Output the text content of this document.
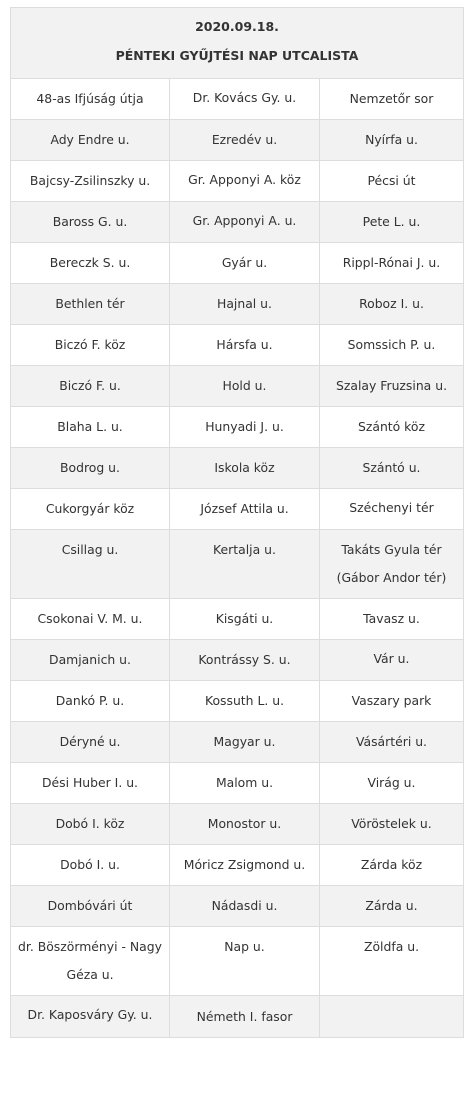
2020.09.18.
PÉNTEKI GYŰJTÉSI NAP UTCALISTA		

48-as Ifjúság útja	Dr. Kovács Gy. u.	Nemzetőr sor
Ady Endre u.	Ezredév u.	Nyírfa u.
Bajcsy-Zsilinszky u.	Gr. Apponyi A. köz	Pécsi út
Baross G. u.	Gr. Apponyi A. u.	Pete L. u.
Bereczk S. u.	Gyár u.	Rippl-Rónai J. u.
Bethlen tér	Hajnal u.	Roboz I. u.
Biczó F. köz	Hársfa u.	Somssich P. u.
Biczó F. u.	Hold u.	Szalay Fruzsina u.
Blaha L. u.	Hunyadi J. u.	Szántó köz
Bodrog u.	Iskola köz	Szántó u.
Cukorgyár köz	József Attila u.	Széchenyi tér
Csillag u.	Kertalja u.	Takáts Gyula tér (Gábor Andor tér)
Csokonai V. M. u.	Kisgáti u.	Tavasz u.
Damjanich u.	Kontrássy S. u.	Vár u.
Dankó P. u.	Kossuth L. u.	Vaszary park
Déryné u.	Magyar u.	Vásártéri u.
Dési Huber I. u.	Malom u.	Virág u.
Dobó I. köz	Monostor u.	Vöröstelek u.
Dobó I. u.	Móricz Zsigmond u.	Zárda köz
Dombóvári út	Nádasdi u.	Zárda u.
dr. Böszörményi - Nagy Géza u.	Nap u.	Zöldfa u.
Dr. Kaposváry Gy. u.	Németh I. fasor	
